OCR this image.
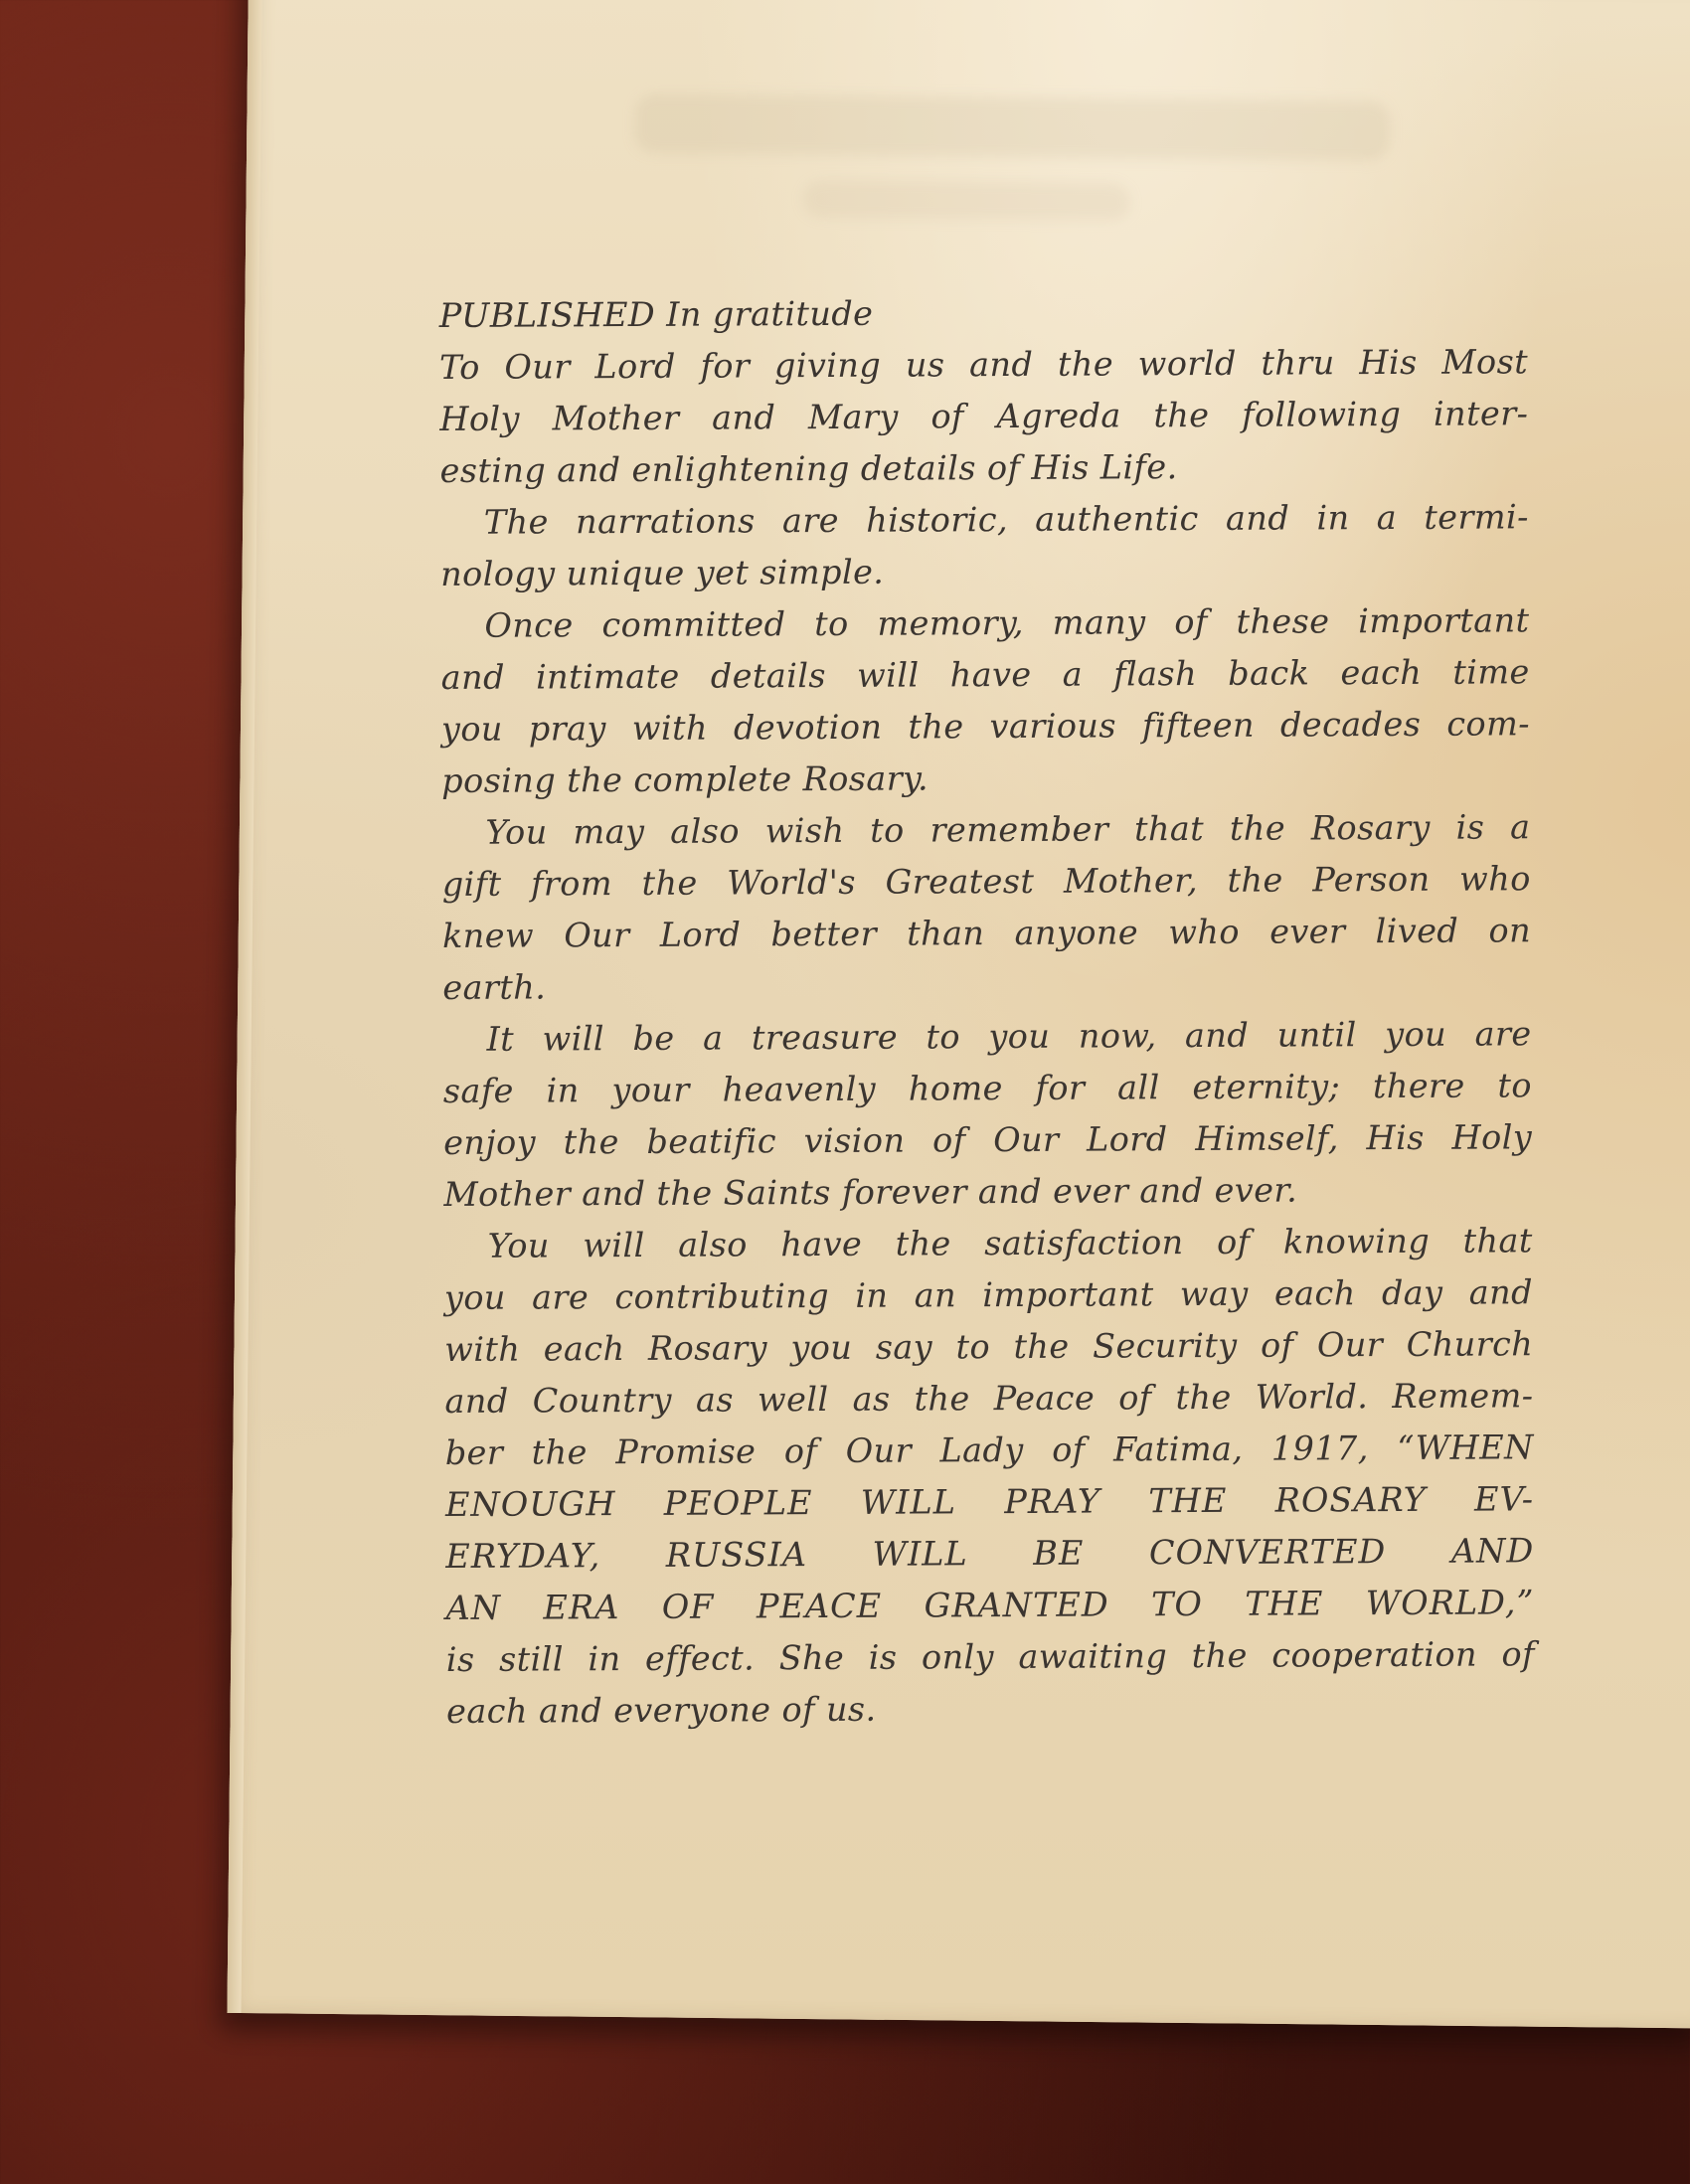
PUBLISHED In gratitude
To Our Lord for giving us and the world thru His Most
Holy Mother and Mary of Agreda the following inter-
esting and enlightening details of His Life.
The narrations are historic, authentic and in a termi-
nology unique yet simple.
Once committed to memory, many of these important
and intimate details will have a flash back each time
you pray with devotion the various fifteen decades com-
posing the complete Rosary.
You may also wish to remember that the Rosary is a
gift from the World's Greatest Mother, the Person who
knew Our Lord better than anyone who ever lived on
earth.
It will be a treasure to you now, and until you are
safe in your heavenly home for all eternity; there to
enjoy the beatific vision of Our Lord Himself, His Holy
Mother and the Saints forever and ever and ever.
You will also have the satisfaction of knowing that
you are contributing in an important way each day and
with each Rosary you say to the Security of Our Church
and Country as well as the Peace of the World. Remem-
ber the Promise of Our Lady of Fatima, 1917, “WHEN
ENOUGH PEOPLE WILL PRAY THE ROSARY EV-
ERYDAY, RUSSIA WILL BE CONVERTED AND
AN ERA OF PEACE GRANTED TO THE WORLD,”
is still in effect. She is only awaiting the cooperation of
each and everyone of us.
